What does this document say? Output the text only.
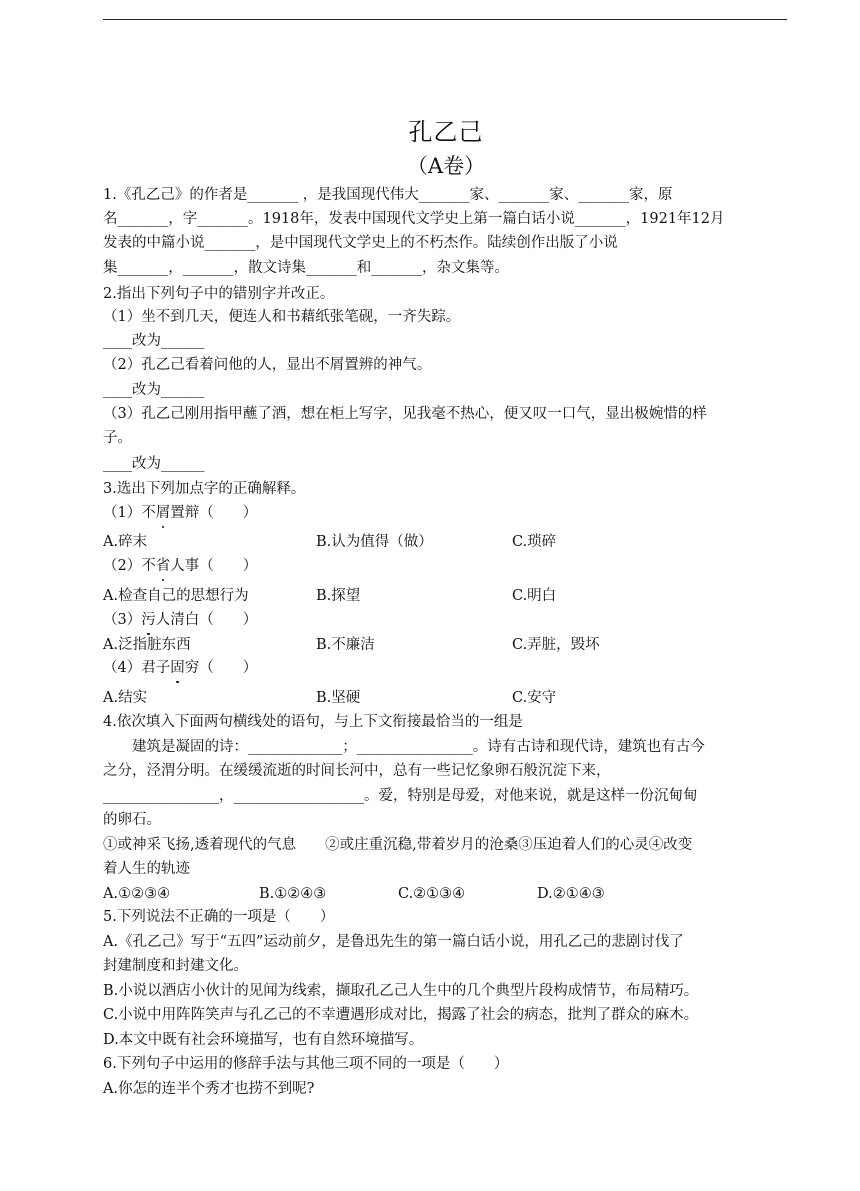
孔乙己
（A卷）
1.《孔乙己》的作者是_______ ，是我国现代伟大_______家、_______家、_______家，原
名_______，字_______。1918年，发表中国现代文学史上第一篇白话小说_______，1921年12月
发表的中篇小说_______，是中国现代文学史上的不朽杰作。陆续创作出版了小说
集_______，_______，散文诗集_______和_______，杂文集等。
2.指出下列句子中的错别字并改正。
（1）坐不到几天，便连人和书藉纸张笔砚，一齐失踪。
____改为______
（2）孔乙己看着问他的人，显出不屑置辨的神气。
____改为______
（3）孔乙己刚用指甲蘸了酒，想在柜上写字，见我毫不热心，便又叹一口气，显出极婉惜的样
子。
____改为______
3.选出下列加点字的正确解释。
（1）不屑置辩（　　）
A.碎末	B.认为值得（做）	C.琐碎
（2）不省人事（　　）
A.检查自己的思想行为	B.探望	C.明白
（3）污人清白（　　）
A.泛指脏东西	B.不廉洁	C.弄脏，毁坏
（4）君子固穷（　　）
A.结实	B.坚硬	C.安守
4.依次填入下面两句横线处的语句，与上下文衔接最恰当的一组是
建筑是凝固的诗：_____________；________________。诗有古诗和现代诗，建筑也有古今
之分，泾渭分明。在缓缓流逝的时间长河中，总有一些记忆象卵石般沉淀下来，
________________，__________________。爱，特别是母爱，对他来说，就是这样一份沉甸甸
的卵石。
①或神采飞扬,透着现代的气息　　②或庄重沉稳,带着岁月的沧桑③压迫着人们的心灵④改变
着人生的轨迹
A.①②③④	B.①②④③	C.②①③④	D.②①④③
5.下列说法不正确的一项是（　　）
A.《孔乙己》写于“五四”运动前夕，是鲁迅先生的第一篇白话小说，用孔乙己的悲剧讨伐了
封建制度和封建文化。
B.小说以酒店小伙计的见闻为线索，撷取孔乙己人生中的几个典型片段构成情节，布局精巧。
C.小说中用阵阵笑声与孔乙己的不幸遭遇形成对比，揭露了社会的病态，批判了群众的麻木。
D.本文中既有社会环境描写，也有自然环境描写。
6.下列句子中运用的修辞手法与其他三项不同的一项是（　　）
A.你怎的连半个秀才也捞不到呢?
